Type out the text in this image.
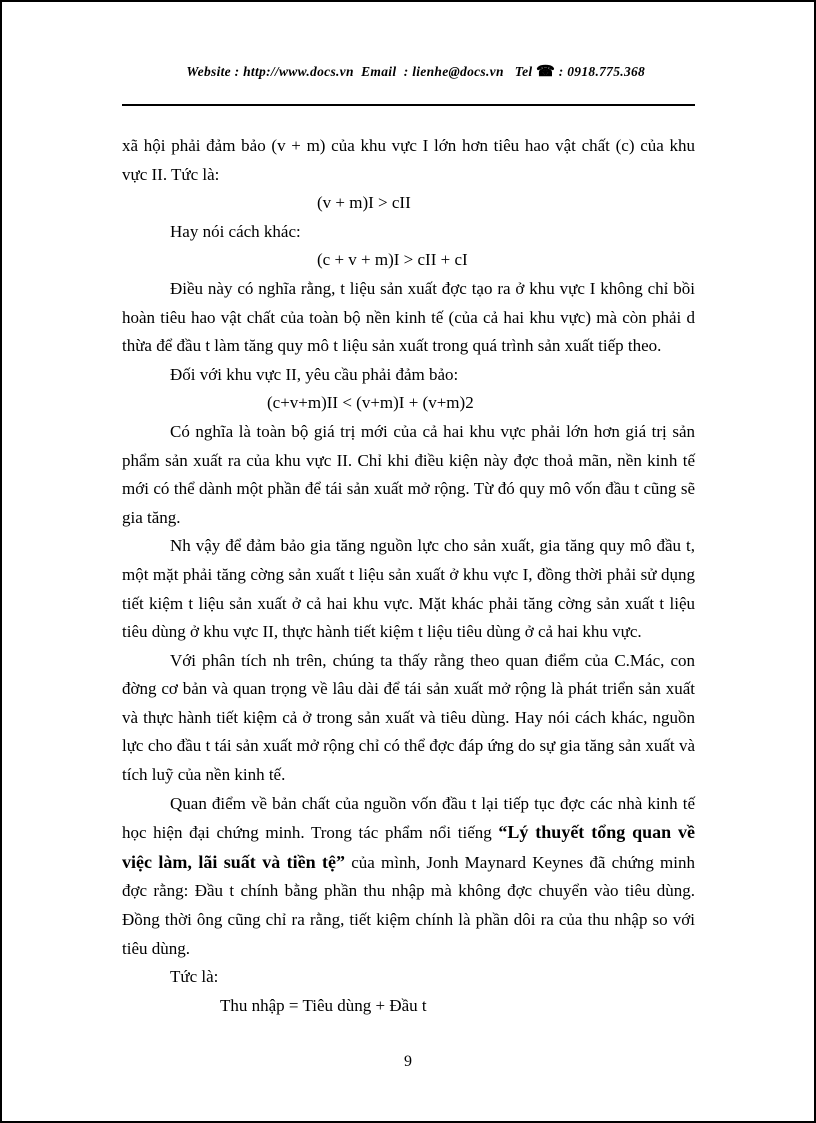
Website : http://www.docs.vn  Email  : lienhe@docs.vn   Tel ☎ : 0918.775.368

xã hội phải đảm bảo (v + m) của khu vực I lớn hơn tiêu hao vật chất (c) của khu vực II. Tức là:

(v + m)I > cII

Hay nói cách khác:

(c + v + m)I > cII + cI

Điều này có nghĩa rằng, t liệu sản xuất đợc tạo ra ở khu vực I không chỉ bồi hoàn tiêu hao vật chất của toàn bộ nền kinh tế (của cả hai khu vực) mà còn phải d thừa để đầu t làm tăng quy mô t liệu sản xuất trong quá trình sản xuất tiếp theo.

Đối với khu vực II, yêu cầu phải đảm bảo:

(c+v+m)II < (v+m)I + (v+m)2

Có nghĩa là toàn bộ giá trị mới của cả hai khu vực phải lớn hơn giá trị sản phẩm sản xuất ra của khu vực II. Chỉ khi điều kiện này đợc thoả mãn, nền kinh tế mới có thể dành một phần để tái sản xuất mở rộng. Từ đó quy mô vốn đầu t cũng sẽ gia tăng.

Nh vậy để đảm bảo gia tăng nguồn lực cho sản xuất, gia tăng quy mô đầu t, một mặt phải tăng cờng sản xuất t liệu sản xuất ở khu vực I, đồng thời phải sử dụng tiết kiệm t liệu sản xuất ở cả hai khu vực. Mặt khác phải tăng cờng sản xuất t liệu tiêu dùng ở khu vực II, thực hành tiết kiệm t liệu tiêu dùng ở cả hai khu vực.

Với phân tích nh trên, chúng ta thấy rằng theo quan điểm của C.Mác, con đờng cơ bản và quan trọng về lâu dài để tái sản xuất mở rộng là phát triển sản xuất và thực hành tiết kiệm cả ở trong sản xuất và tiêu dùng. Hay nói cách khác, nguồn lực cho đầu t tái sản xuất mở rộng chỉ có thể đợc đáp ứng do sự gia tăng sản xuất và tích luỹ của nền kinh tế.

Quan điểm về bản chất của nguồn vốn đầu t lại tiếp tục đợc các nhà kinh tế học hiện đại chứng minh. Trong tác phẩm nổi tiếng “Lý thuyết tổng quan về việc làm, lãi suất và tiền tệ” của mình, Jonh Maynard Keynes đã chứng minh đợc rằng: Đầu t chính bằng phần thu nhập mà không đợc chuyển vào tiêu dùng. Đồng thời ông cũng chỉ ra rằng, tiết kiệm chính là phần dôi ra của thu nhập so với tiêu dùng.

Tức là:

Thu nhập = Tiêu dùng + Đầu t

9
